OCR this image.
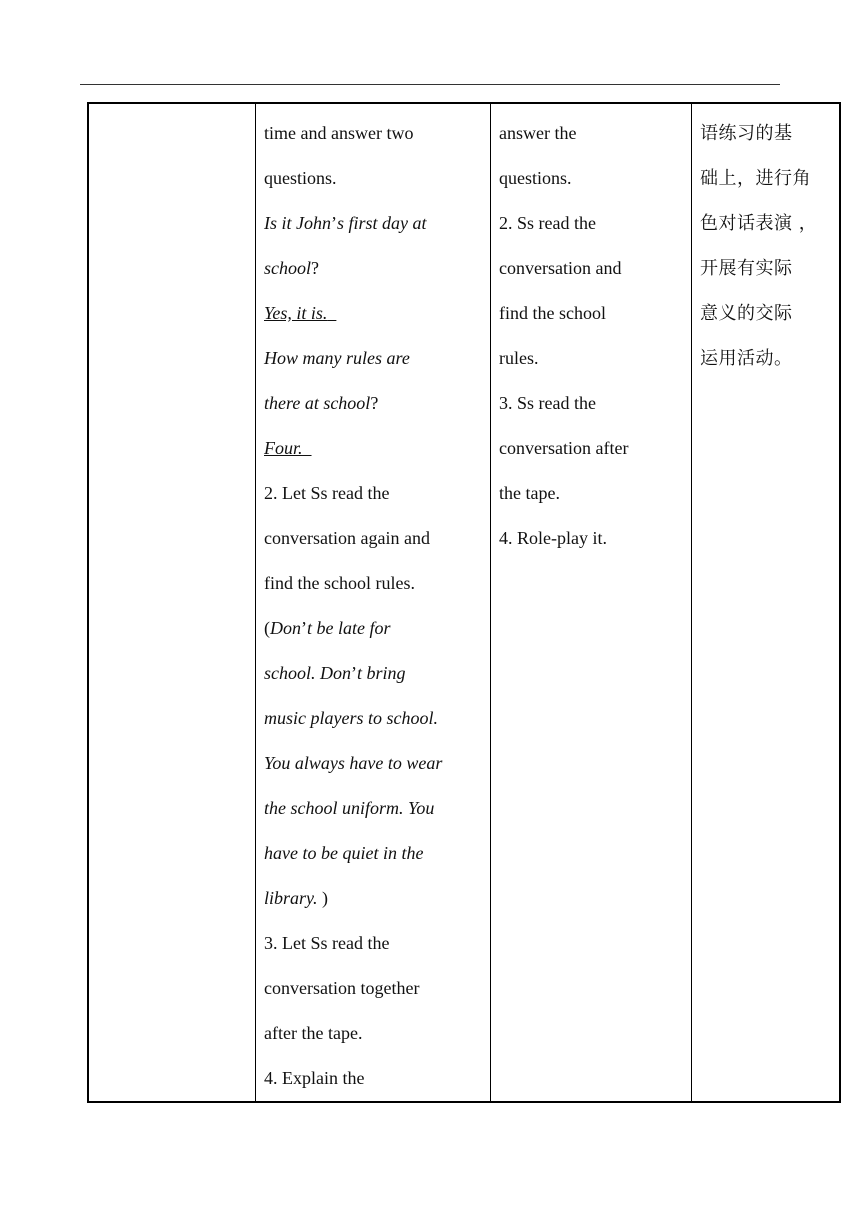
time and answer two
questions.
Is it John’s first day at
school?
Yes, it is.
How many rules are
there at school?
Four.
2. Let Ss read the
conversation again and
find the school rules.
(Don’t be late for
school. Don’t bring
music players to school.
You always have to wear
the school uniform. You
have to be quiet in the
library. )
3. Let Ss read the
conversation together
after the tape.
4. Explain the

answer the
questions.
2. Ss read the
conversation and
find the school
rules.
3. Ss read the
conversation after
the tape.
4. Role-play it.

语练习的基
础上，进行角
色对话表演 ，
开展有实际
意义的交际
运用活动。
